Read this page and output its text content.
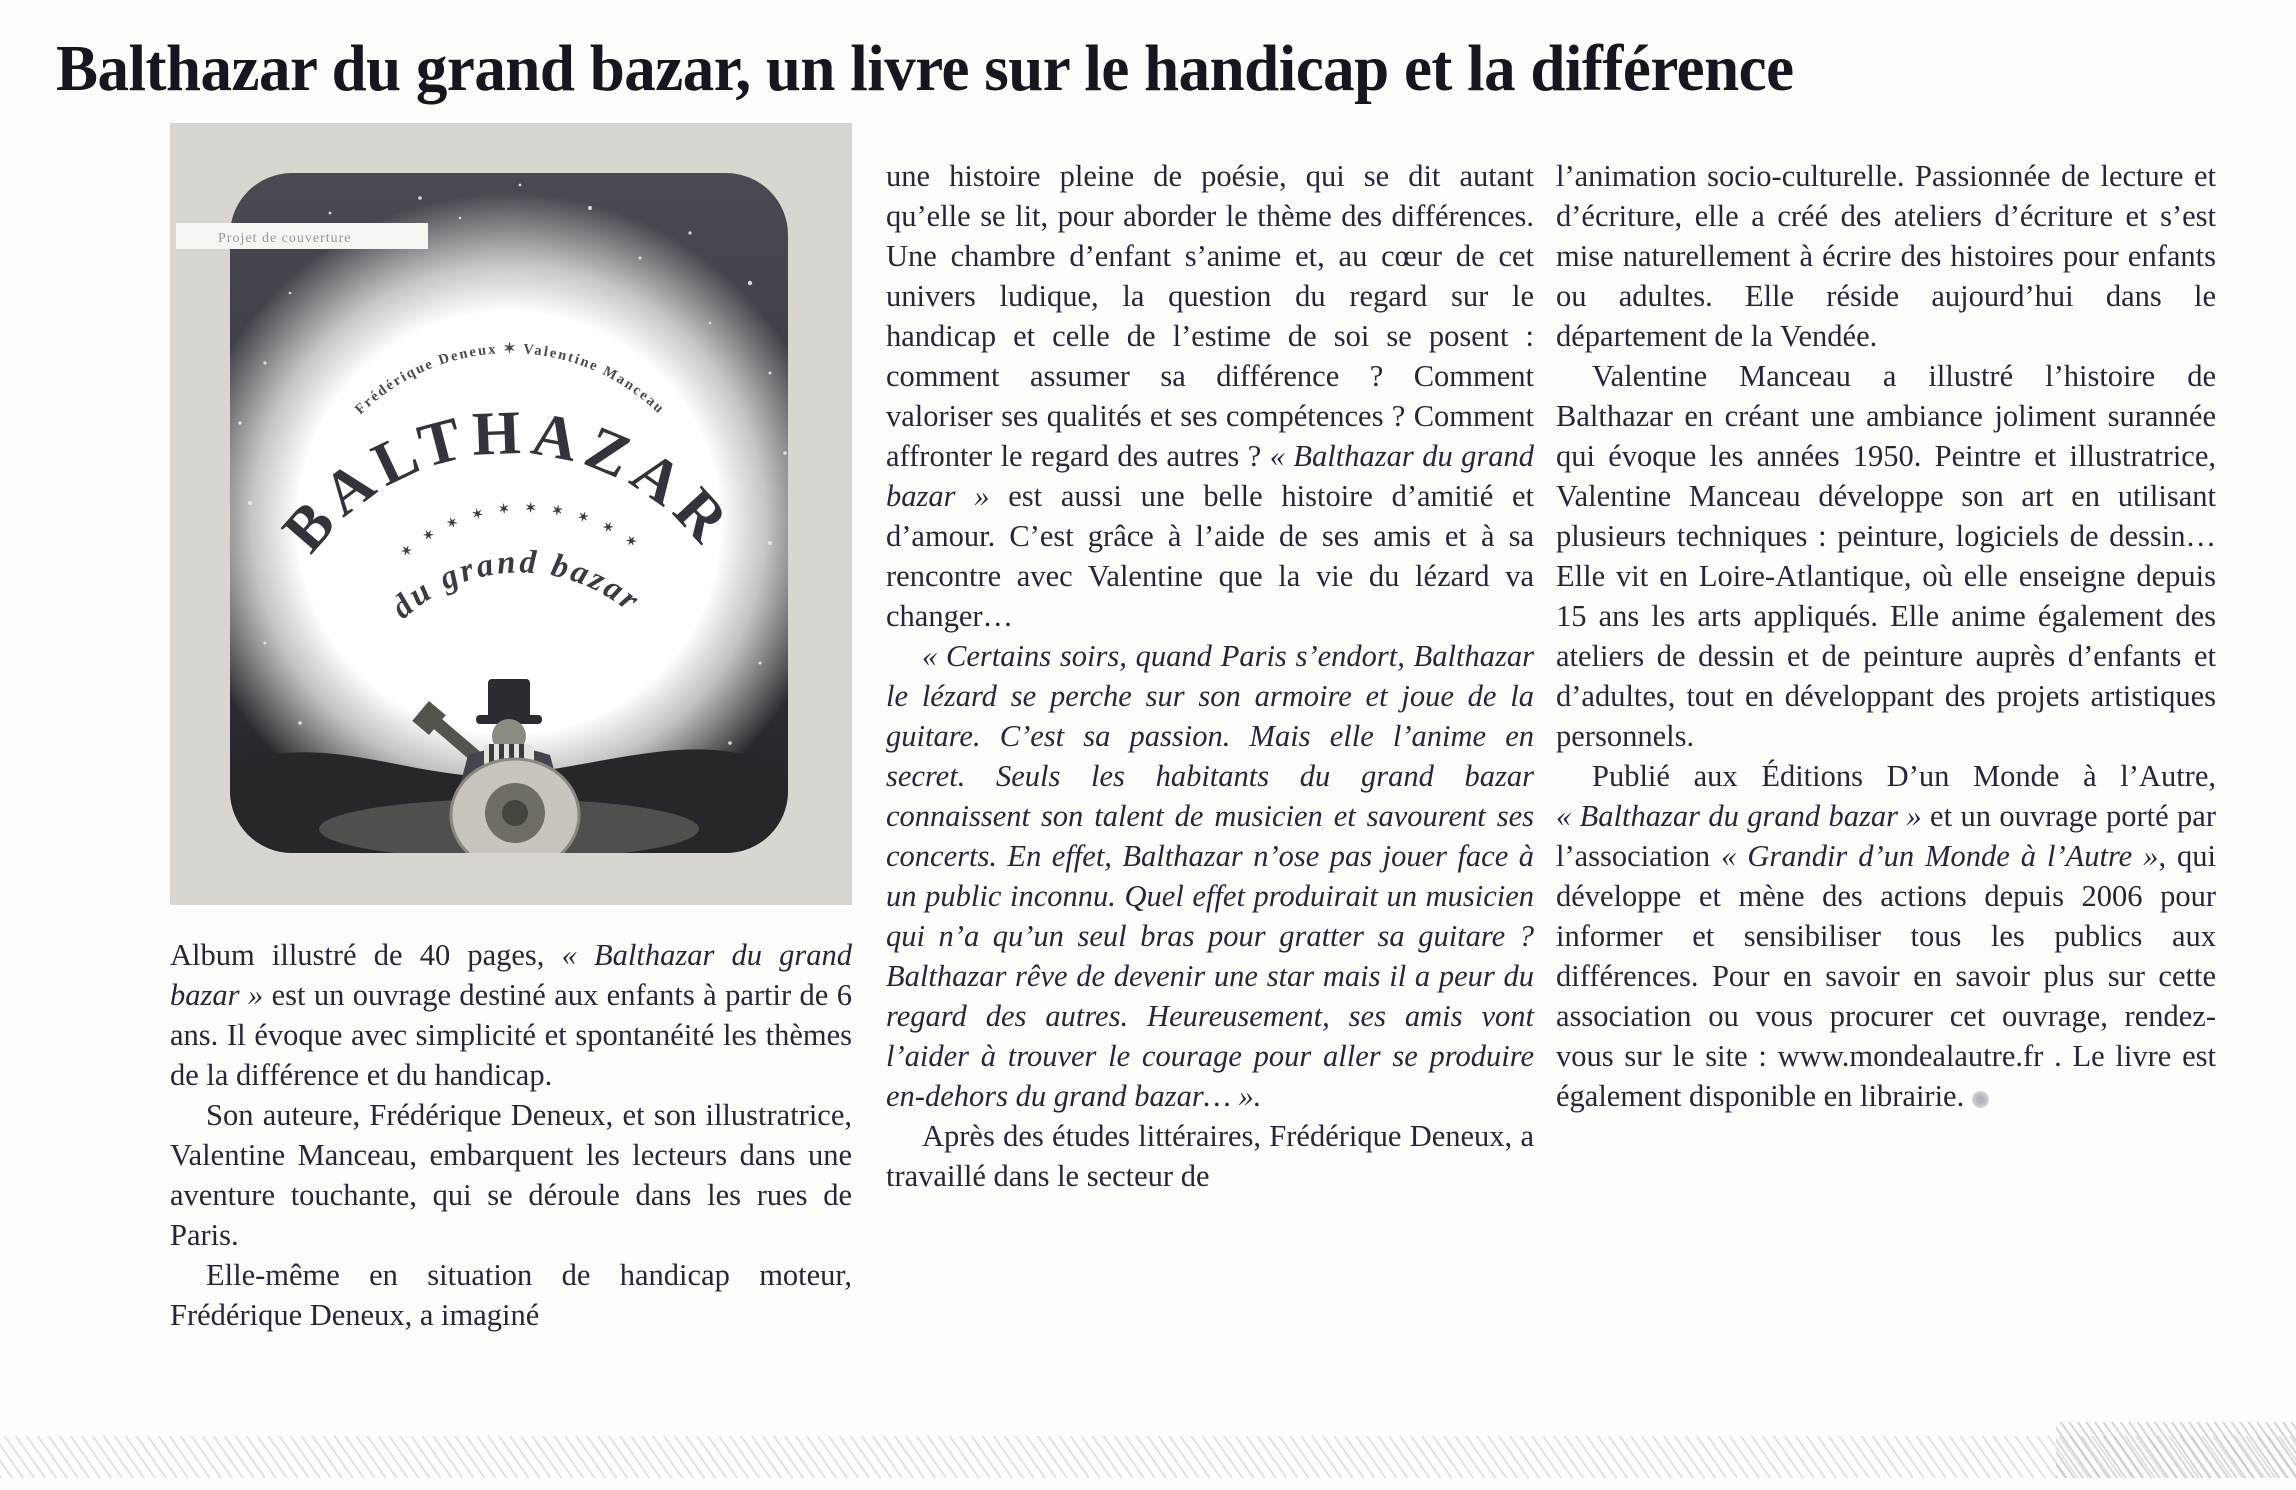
Balthazar du grand bazar, un livre sur le handicap et la différence
Frédérique Deneux ✶ Valentine Manceau
BALTHAZAR
✶ ✶ ✶ ✶ ✶ ✶ ✶ ✶ ✶ ✶
du grand bazar
Projet de couverture

Album illustré de 40 pages, « Balthazar du grand bazar » est un ouvrage destiné aux enfants à partir de 6 ans. Il évoque avec simplicité et spontanéité les thèmes de la différence et du handicap.

Son auteure, Frédérique Deneux, et son illustratrice, Valentine Manceau, embarquent les lecteurs dans une aventure touchante, qui se déroule dans les rues de Paris.

Elle-même en situation de handicap moteur, Frédérique Deneux, a imaginé

une histoire pleine de poésie, qui se dit autant qu’elle se lit, pour aborder le thème des différences. Une chambre d’enfant s’anime et, au cœur de cet univers ludique, la question du regard sur le handicap et celle de l’estime de soi se posent : comment assumer sa différence ? Comment valoriser ses qualités et ses compétences ? Comment affronter le regard des autres ? « Balthazar du grand bazar » est aussi une belle histoire d’amitié et d’amour. C’est grâce à l’aide de ses amis et à sa rencontre avec Valentine que la vie du lézard va changer…

« Certains soirs, quand Paris s’endort, Balthazar le lézard se perche sur son armoire et joue de la guitare. C’est sa passion. Mais elle l’anime en secret. Seuls les habitants du grand bazar connaissent son talent de musicien et savourent ses concerts. En effet, Balthazar n’ose pas jouer face à un public inconnu. Quel effet produirait un musicien qui n’a qu’un seul bras pour gratter sa guitare ? Balthazar rêve de devenir une star mais il a peur du regard des autres. Heureusement, ses amis vont l’aider à trouver le courage pour aller se produire en-dehors du grand bazar… ».

Après des études littéraires, Frédérique Deneux, a travaillé dans le secteur de

l’animation socio-culturelle. Passionnée de lecture et d’écriture, elle a créé des ateliers d’écriture et s’est mise naturellement à écrire des histoires pour enfants ou adultes. Elle réside aujourd’hui dans le département de la Vendée.

Valentine Manceau a illustré l’histoire de Balthazar en créant une ambiance joliment surannée qui évoque les années 1950. Peintre et illustratrice, Valentine Manceau développe son art en utilisant plusieurs techniques : peinture, logiciels de dessin… Elle vit en Loire-Atlantique, où elle enseigne depuis 15 ans les arts appliqués. Elle anime également des ateliers de dessin et de peinture auprès d’enfants et d’adultes, tout en développant des projets artistiques personnels.

Publié aux Éditions D’un Monde à l’Autre, « Balthazar du grand bazar » et un ouvrage porté par l’association « Grandir d’un Monde à l’Autre », qui développe et mène des actions depuis 2006 pour informer et sensibiliser tous les publics aux différences. Pour en savoir en savoir plus sur cette association ou vous procurer cet ouvrage, rendez-vous sur le site : www.mondealautre.fr . Le livre est également disponible en librairie.
